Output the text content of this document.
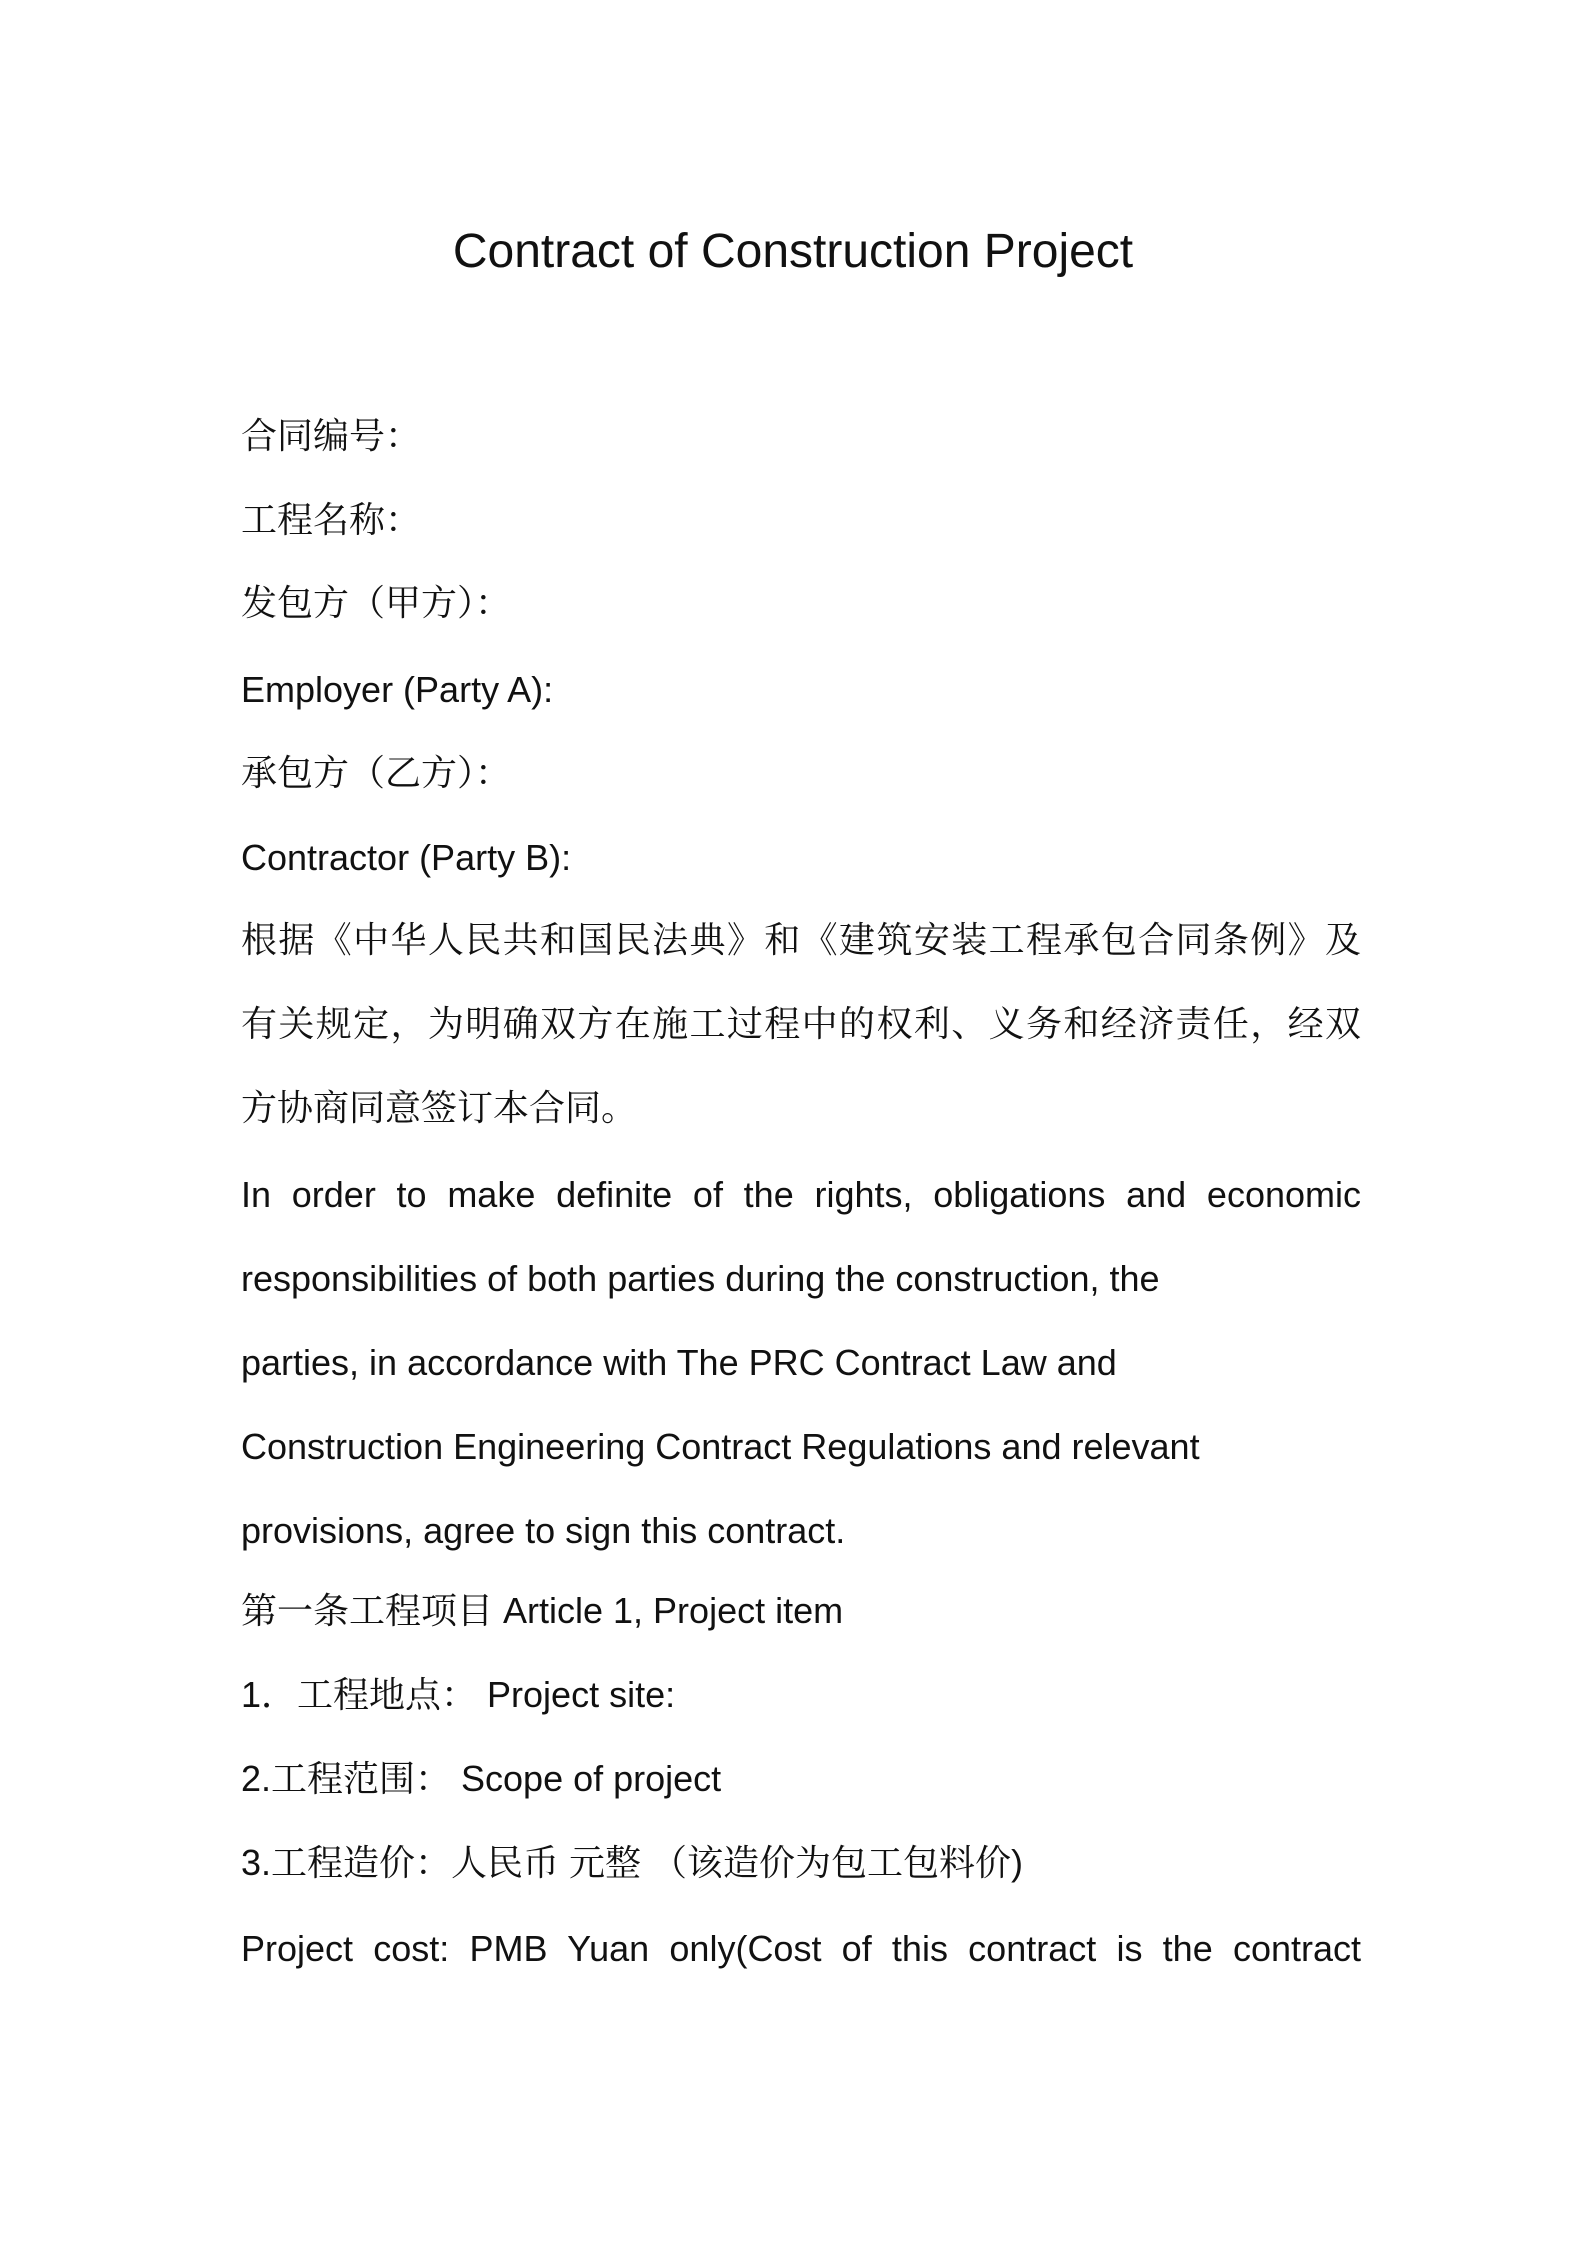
Contract of Construction Project
合同编号：
工程名称：
发包方（甲方）：
Employer (Party A):
承包方（乙方）：
Contractor (Party B):
根据《中华人民共和国民法典》和《建筑安装工程承包合同条例》及
有关规定，为明确双方在施工过程中的权利、义务和经济责任，经双
方协商同意签订本合同。
In order to make definite of the rights, obligations and economic
responsibilities of both parties during the construction, the
parties, in accordance with The PRC Contract Law and
Construction Engineering Contract Regulations and relevant
provisions, agree to sign this contract.
第一条工程项目 Article 1, Project item
1．工程地点： Project site:
2.工程范围： Scope of project
3.工程造价：人民币 元整 （该造价为包工包料价)
Project cost: PMB Yuan only(Cost of this contract is the contract
